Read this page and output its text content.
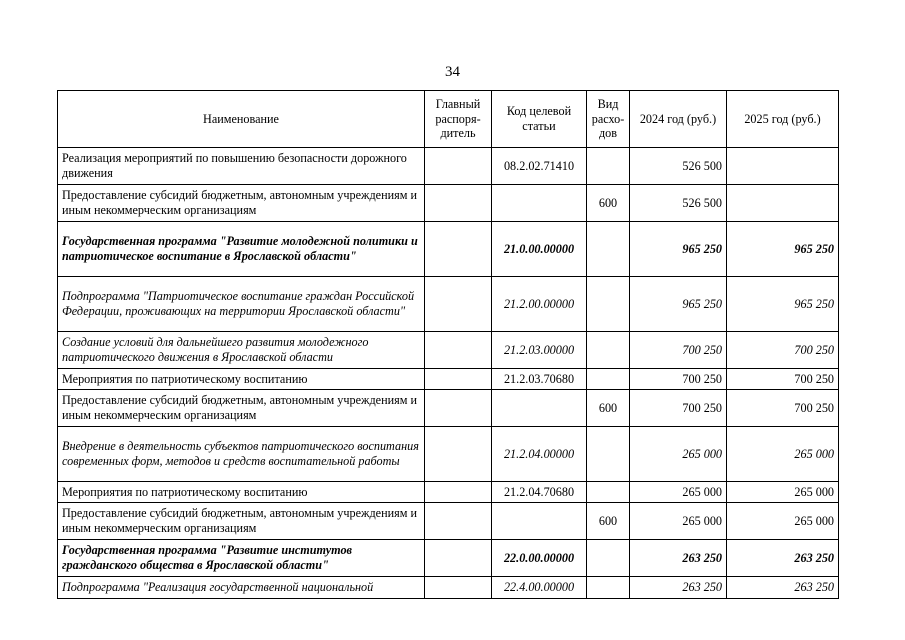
34
Наименование	Главный распоря-дитель	Код целевой статьи	Вид расхо-дов	2024 год (руб.)	2025 год (руб.)
Реализация мероприятий по повышению безопасности дорожного движения		08.2.02.71410		526 500	
Предоставление субсидий бюджетным, автономным учреждениям и иным некоммерческим организациям			600	526 500	
Государственная программа "Развитие молодежной политики и патриотическое воспитание в Ярославской области"		21.0.00.00000		965 250	965 250
Подпрограмма "Патриотическое воспитание граждан Российской Федерации, проживающих на территории Ярославской области"		21.2.00.00000		965 250	965 250
Создание условий для дальнейшего развития молодежного патриотического движения в Ярославской области		21.2.03.00000		700 250	700 250
Мероприятия по патриотическому воспитанию		21.2.03.70680		700 250	700 250
Предоставление субсидий бюджетным, автономным учреждениям и иным некоммерческим организациям			600	700 250	700 250
Внедрение в деятельность субъектов патриотического воспитания современных форм, методов и средств воспитательной работы		21.2.04.00000		265 000	265 000
Мероприятия по патриотическому воспитанию		21.2.04.70680		265 000	265 000
Предоставление субсидий бюджетным, автономным учреждениям и иным некоммерческим организациям			600	265 000	265 000
Государственная программа "Развитие институтов гражданского общества в Ярославской области"		22.0.00.00000		263 250	263 250
Подпрограмма "Реализация государственной национальной		22.4.00.00000		263 250	263 250
